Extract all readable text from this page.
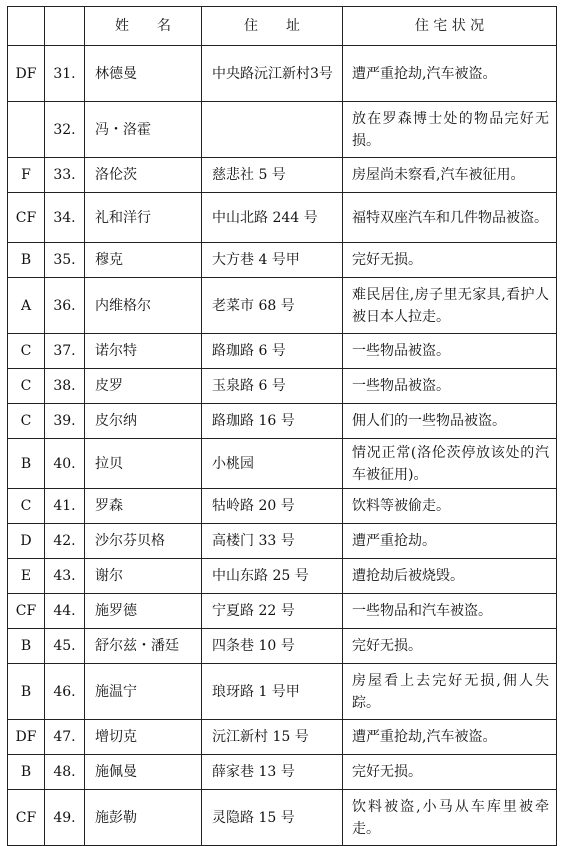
		姓　　名	住　　址	住 宅 状 况
DF	31.	林德曼	中央路沅江新村3号	遭严重抢劫,汽车被盗。
	32.	冯・洛霍		放在罗森博士处的物品完好无损。
F	33.	洛伦茨	慈悲社 5 号	房屋尚未察看,汽车被征用。
CF	34.	礼和洋行	中山北路 244 号	福特双座汽车和几件物品被盗。
B	35.	穆克	大方巷 4 号甲	完好无损。
A	36.	内维格尔	老菜市 68 号	难民居住,房子里无家具,看护人被日本人拉走。
C	37.	诺尔特	路珈路 6 号	一些物品被盗。
C	38.	皮罗	玉泉路 6 号	一些物品被盗。
C	39.	皮尔纳	路珈路 16 号	佣人们的一些物品被盗。
B	40.	拉贝	小桃园	情况正常(洛伦茨停放该处的汽车被征用)。
C	41.	罗森	牯岭路 20 号	饮料等被偷走。
D	42.	沙尔芬贝格	高楼门 33 号	遭严重抢劫。
E	43.	谢尔	中山东路 25 号	遭抢劫后被烧毁。
CF	44.	施罗德	宁夏路 22 号	一些物品和汽车被盗。
B	45.	舒尔兹・潘廷	四条巷 10 号	完好无损。
B	46.	施温宁	琅玡路 1 号甲	房屋看上去完好无损,佣人失踪。
DF	47.	增切克	沅江新村 15 号	遭严重抢劫,汽车被盗。
B	48.	施佩曼	薛家巷 13 号	完好无损。
CF	49.	施彭勒	灵隐路 15 号	饮料被盗,小马从车库里被牵走。
